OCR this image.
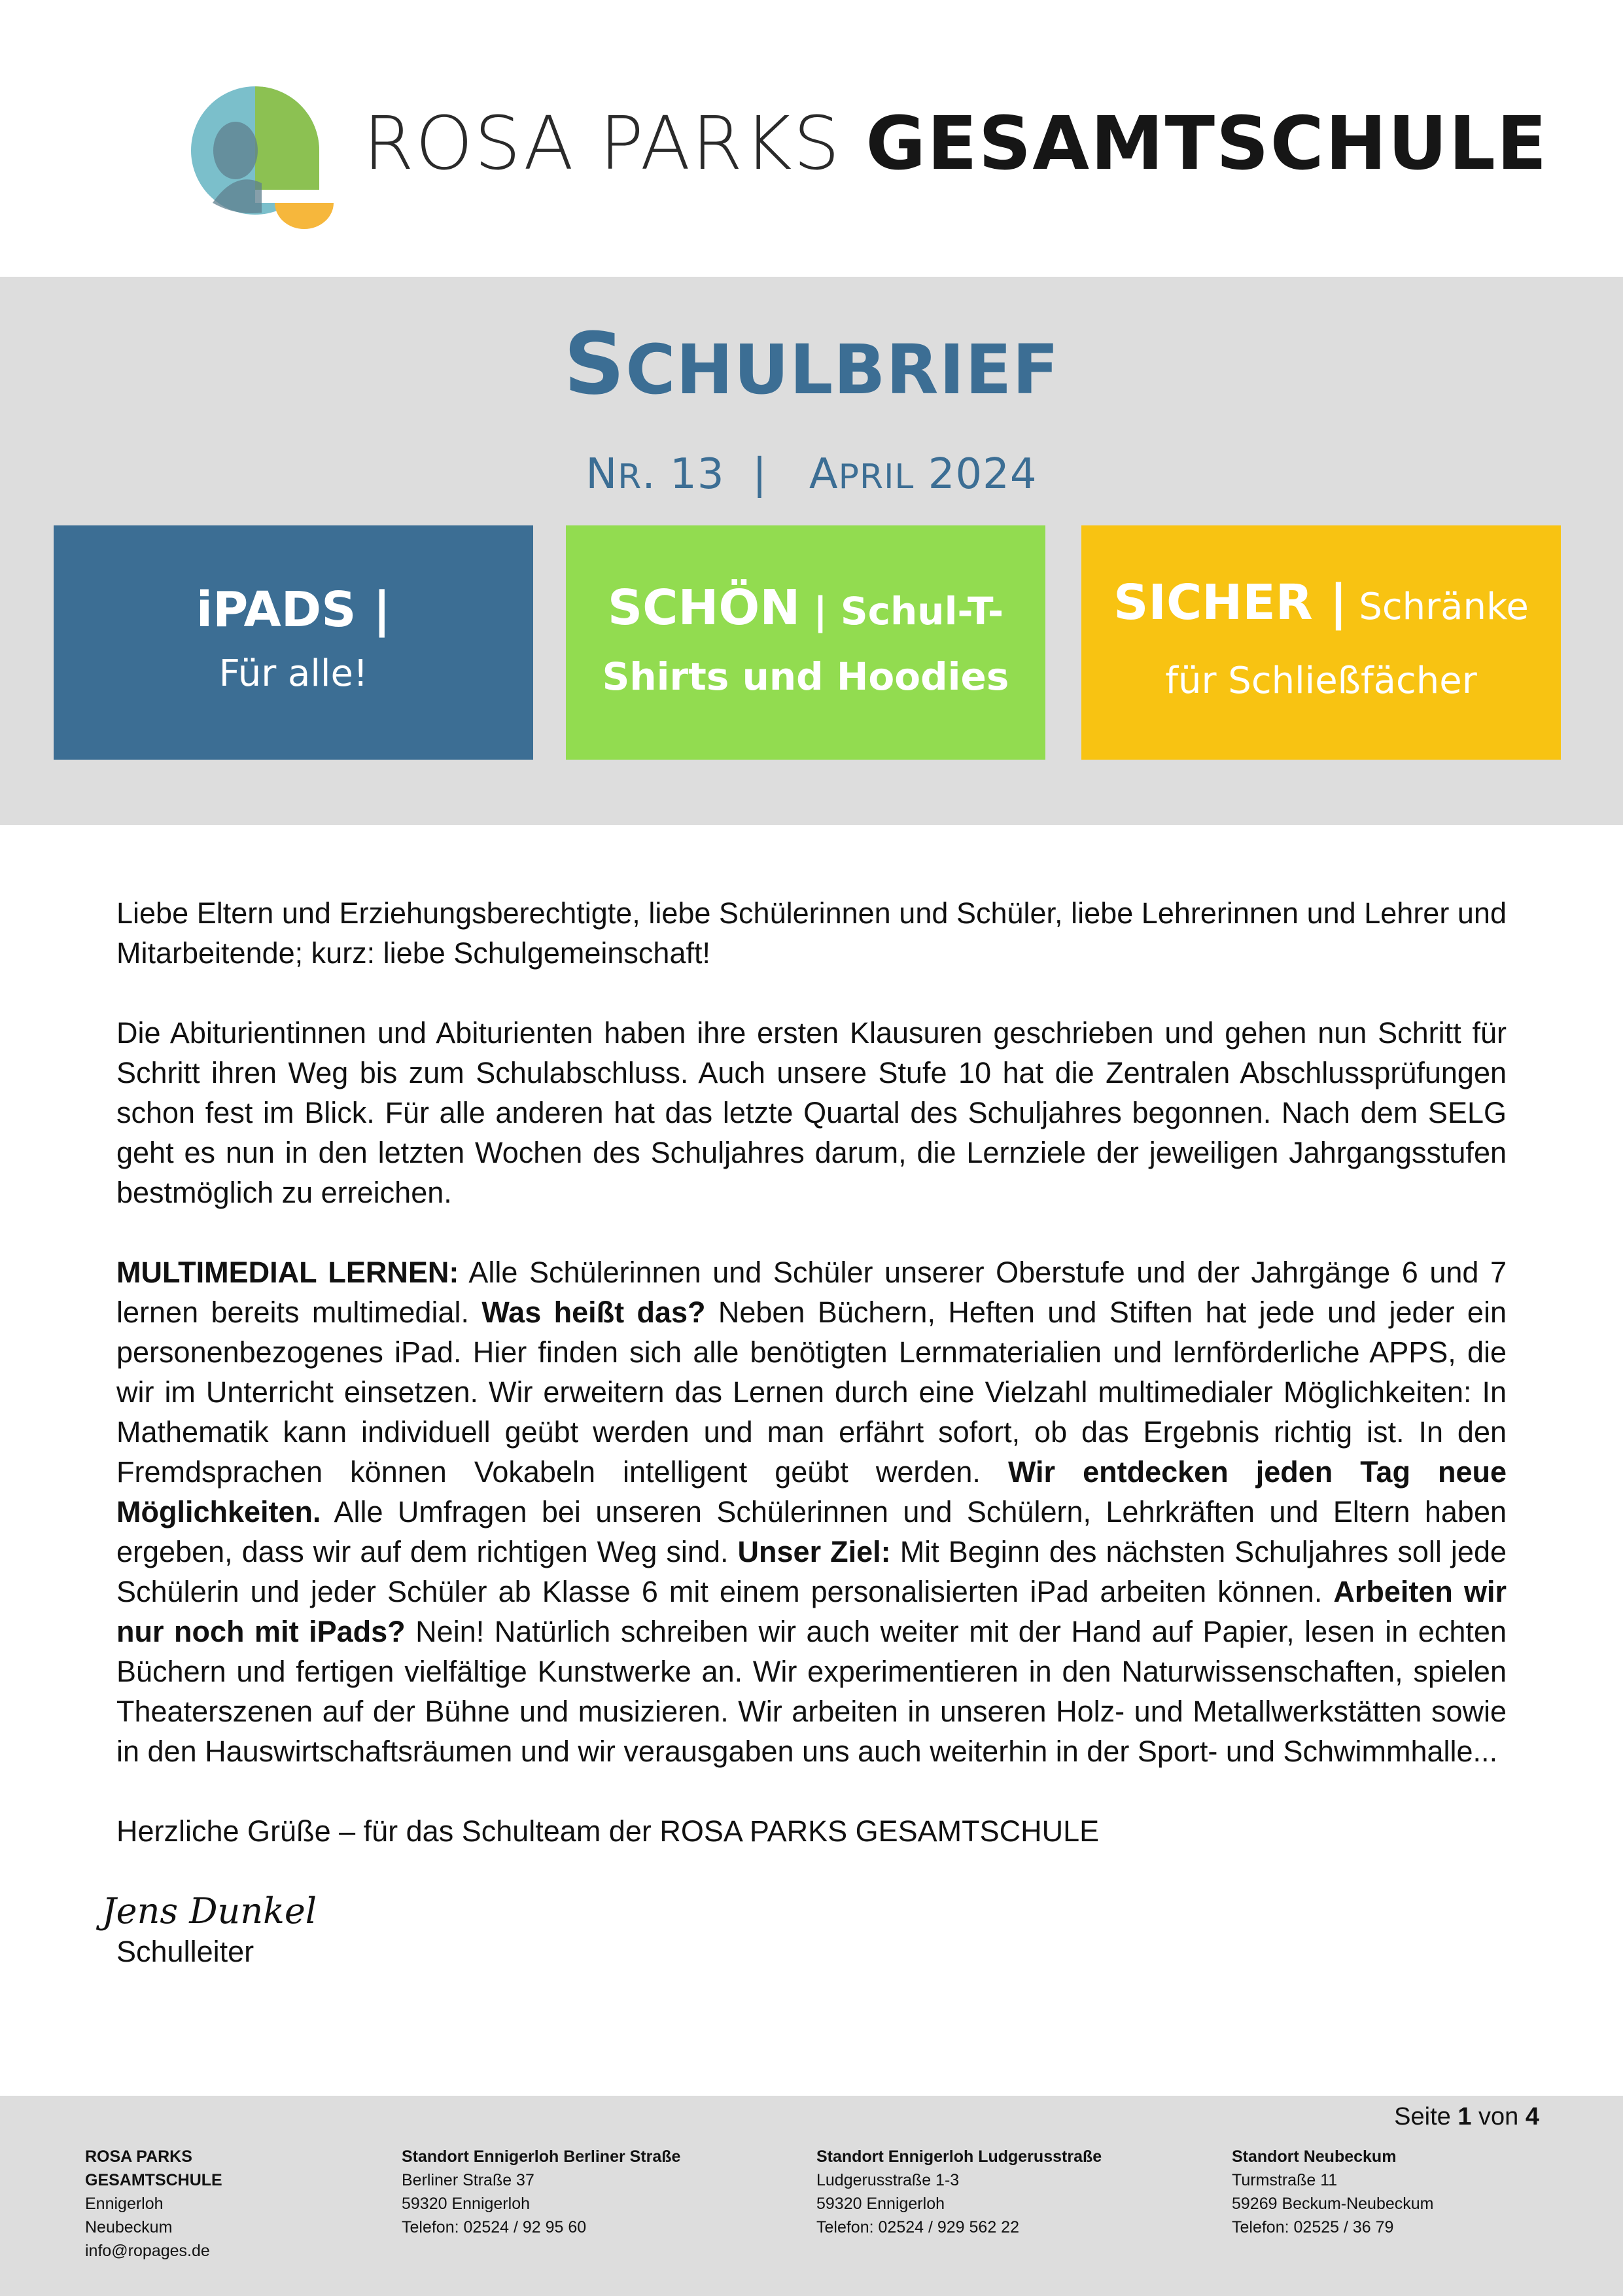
ROSA PARKS GESAMTSCHULE
SCHULBRIEF
NR. 13  |   APRIL 2024
iPADS |
Für alle!
SCHÖN | Schul-T-
Shirts und Hoodies
SICHER | Schränke
für Schließfächer

Liebe Eltern und Erziehungsberechtigte, liebe Schülerinnen und Schüler, liebe Lehrerinnen und Lehrer und Mitarbeitende; kurz: liebe Schulgemeinschaft!

Die Abiturientinnen und Abiturienten haben ihre ersten Klausuren geschrieben und gehen nun Schritt für Schritt ihren Weg bis zum Schulabschluss. Auch unsere Stufe 10 hat die Zentralen Abschlussprüfungen schon fest im Blick. Für alle anderen hat das letzte Quartal des Schuljahres begonnen. Nach dem SELG geht es nun in den letzten Wochen des Schuljahres darum, die Lernziele der jeweiligen Jahrgangsstufen bestmöglich zu erreichen.

MULTIMEDIAL LERNEN: Alle Schülerinnen und Schüler unserer Oberstufe und der Jahrgänge 6 und 7 lernen bereits multimedial. Was heißt das? Neben Büchern, Heften und Stiften hat jede und jeder ein personenbezogenes iPad. Hier finden sich alle benötigten Lernmaterialien und lernförderliche APPS, die wir im Unterricht einsetzen. Wir erweitern das Lernen durch eine Vielzahl multimedialer Möglichkeiten: In Mathematik kann individuell geübt werden und man erfährt sofort, ob das Ergebnis richtig ist. In den Fremdsprachen können Vokabeln intelligent geübt werden. Wir entdecken jeden Tag neue Möglichkeiten. Alle Umfragen bei unseren Schülerinnen und Schülern, Lehrkräften und Eltern haben ergeben, dass wir auf dem richtigen Weg sind. Unser Ziel: Mit Beginn des nächsten Schuljahres soll jede Schülerin und jeder Schüler ab Klasse 6 mit einem personalisierten iPad arbeiten können. Arbeiten wir nur noch mit iPads? Nein! Natürlich schreiben wir auch weiter mit der Hand auf Papier, lesen in echten Büchern und fertigen vielfältige Kunstwerke an. Wir experimentieren in den Naturwissenschaften, spielen Theaterszenen auf der Bühne und musizieren. Wir arbeiten in unseren Holz- und Metallwerkstätten sowie in den Hauswirtschaftsräumen und wir verausgaben uns auch weiterhin in der Sport- und Schwimmhalle...

Herzliche Grüße – für das Schulteam der ROSA PARKS GESAMTSCHULE

Jens Dunkel

Schulleiter

Seite 1 von 4
ROSA PARKS
GESAMTSCHULE
Ennigerloh
Neubeckum
info@ropages.de
Standort Ennigerloh Berliner Straße
Berliner Straße 37
59320 Ennigerloh
Telefon: 02524 / 92 95 60
Standort Ennigerloh Ludgerusstraße
Ludgerusstraße 1-3
59320 Ennigerloh
Telefon: 02524 / 929 562 22
Standort Neubeckum
Turmstraße 11
59269 Beckum-Neubeckum
Telefon: 02525 / 36 79
